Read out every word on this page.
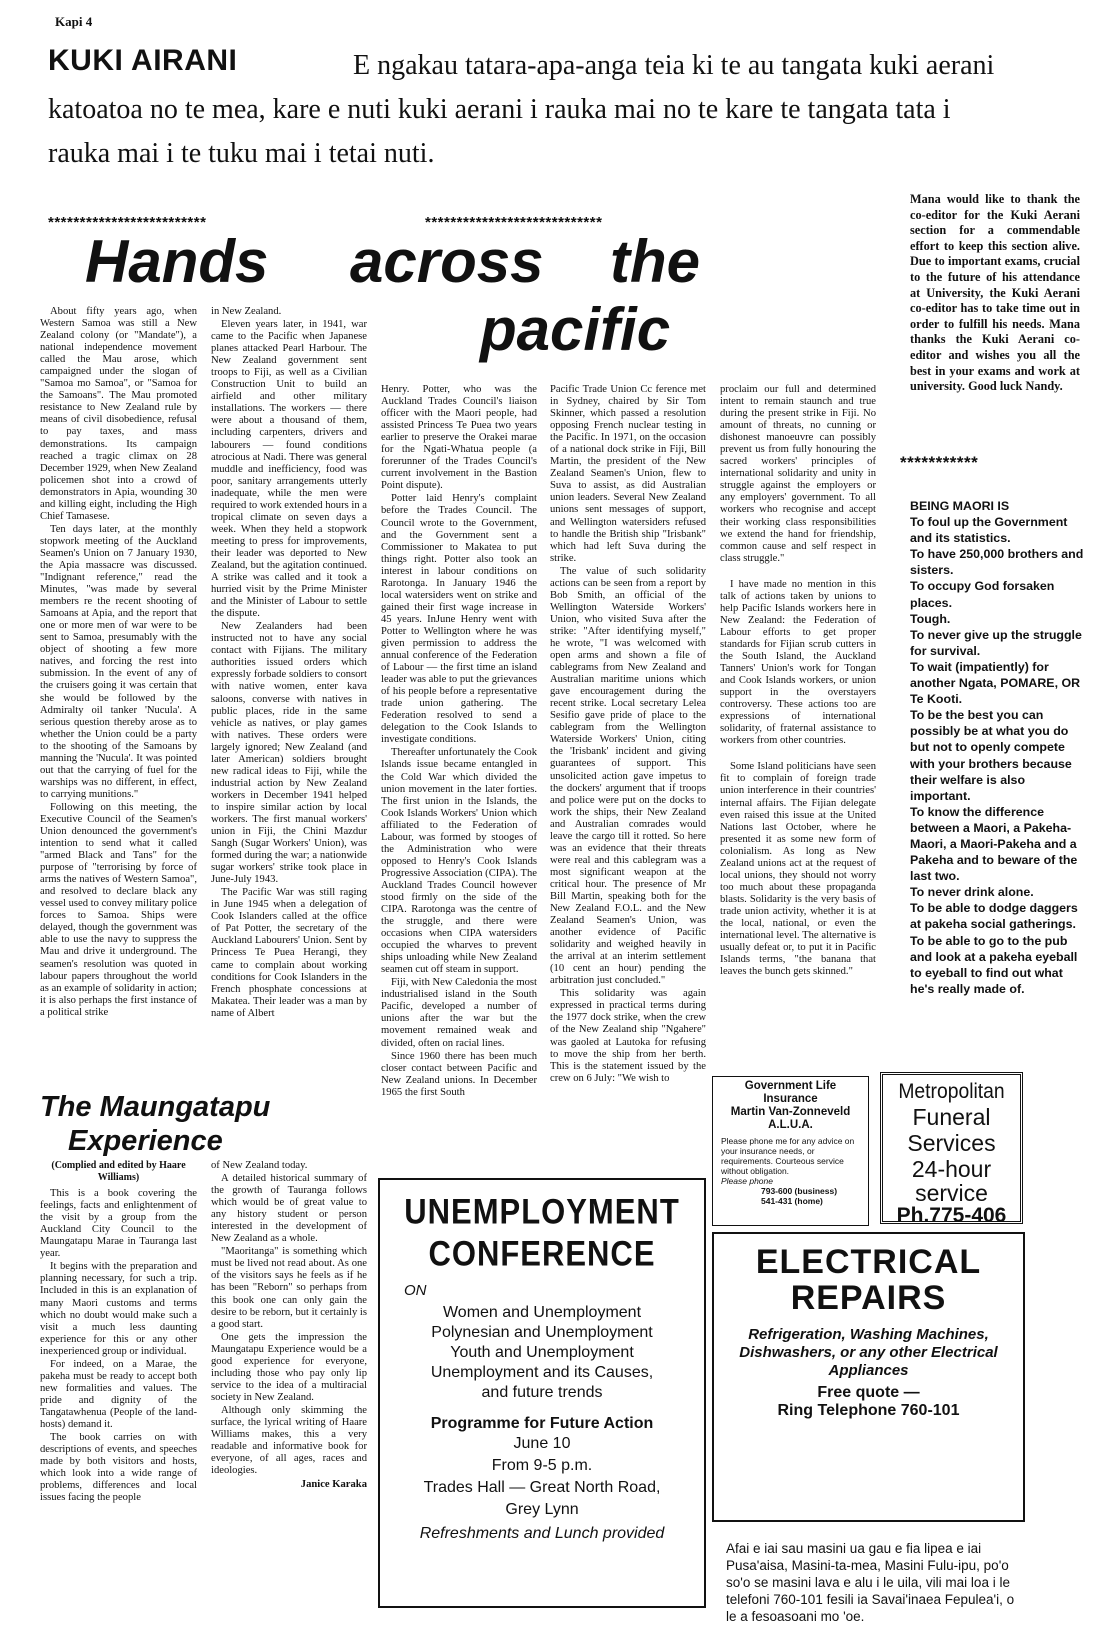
Kapi 4
E ngakau tatara-apa-anga teia ki te au tangata kuki aerani katoatoa no te mea, kare e nuti kuki aerani i rauka mai no te kare te tangata tata i rauka mai i te tuku mai i tetai nuti.
KUKI AIRANI
*************************	****************************
Hands across the
pacific

About fifty years ago, when Western Samoa was still a New Zealand colony (or "Mandate"), a national independence movement called the Mau arose, which campaigned under the slogan of "Samoa mo Samoa", or "Samoa for the Samoans". The Mau promoted resistance to New Zealand rule by means of civil disobedience, refusal to pay taxes, and mass demonstrations. Its campaign reached a tragic climax on 28 December 1929, when New Zealand policemen shot into a crowd of demonstrators in Apia, wounding 30 and killing eight, including the High Chief Tamasese.

Ten days later, at the monthly stopwork meeting of the Auckland Seamen's Union on 7 January 1930, the Apia massacre was discussed. "Indignant reference," read the Minutes, "was made by several members re the recent shooting of Samoans at Apia, and the report that one or more men of war were to be sent to Samoa, presumably with the object of shooting a few more natives, and forcing the rest into submission. In the event of any of the cruisers going it was certain that she would be followed by the Admiralty oil tanker 'Nucula'. A serious question thereby arose as to whether the Union could be a party to the shooting of the Samoans by manning the 'Nucula'. It was pointed out that the carrying of fuel for the warships was no different, in effect, to carrying munitions."

Following on this meeting, the Executive Council of the Seamen's Union denounced the government's intention to send what it called "armed Black and Tans" for the purpose of "terrorising by force of arms the natives of Western Samoa", and resolved to declare black any vessel used to convey military police forces to Samoa. Ships were delayed, though the government was able to use the navy to suppress the Mau and drive it underground. The seamen's resolution was quoted in labour papers throughout the world as an example of solidarity in action; it is also perhaps the first instance of a political strike

in New Zealand.

Eleven years later, in 1941, war came to the Pacific when Japanese planes attacked Pearl Harbour. The New Zealand government sent troops to Fiji, as well as a Civilian Construction Unit to build an airfield and other military installations. The workers — there were about a thousand of them, including carpenters, drivers and labourers — found conditions atrocious at Nadi. There was general muddle and inefficiency, food was poor, sanitary arrangements utterly inadequate, while the men were required to work extended hours in a tropical climate on seven days a week. When they held a stopwork meeting to press for improvements, their leader was deported to New Zealand, but the agitation continued. A strike was called and it took a hurried visit by the Prime Minister and the Minister of Labour to settle the dispute.

New Zealanders had been instructed not to have any social contact with Fijians. The military authorities issued orders which expressly forbade soldiers to consort with native women, enter kava saloons, converse with natives in public places, ride in the same vehicle as natives, or play games with natives. These orders were largely ignored; New Zealand (and later American) soldiers brought new radical ideas to Fiji, while the industrial action by New Zealand workers in December 1941 helped to inspire similar action by local workers. The first manual workers' union in Fiji, the Chini Mazdur Sangh (Sugar Workers' Union), was formed during the war; a nationwide sugar workers' strike took place in June-July 1943.

The Pacific War was still raging in June 1945 when a delegation of Cook Islanders called at the office of Pat Potter, the secretary of the Auckland Labourers' Union. Sent by Princess Te Puea Herangi, they came to complain about working conditions for Cook Islanders in the French phosphate concessions at Makatea. Their leader was a man by name of Albert

Henry. Potter, who was the Auckland Trades Council's liaison officer with the Maori people, had assisted Princess Te Puea two years earlier to preserve the Orakei marae for the Ngati-Whatua people (a forerunner of the Trades Council's current involvement in the Bastion Point dispute).

Potter laid Henry's complaint before the Trades Council. The Council wrote to the Government, and the Government sent a Commissioner to Makatea to put things right. Potter also took an interest in labour conditions on Rarotonga. In January 1946 the local watersiders went on strike and gained their first wage increase in 45 years. InJune Henry went with Potter to Wellington where he was given permission to address the annual conference of the Federation of Labour — the first time an island leader was able to put the grievances of his people before a representative trade union gathering. The Federation resolved to send a delegation to the Cook Islands to investigate conditions.

Thereafter unfortunately the Cook Islands issue became entangled in the Cold War which divided the union movement in the later forties. The first union in the Islands, the Cook Islands Workers' Union which affiliated to the Federation of Labour, was formed by stooges of the Administration who were opposed to Henry's Cook Islands Progressive Association (CIPA). The Auckland Trades Council however stood firmly on the side of the CIPA. Rarotonga was the centre of the struggle, and there were occasions when CIPA watersiders occupied the wharves to prevent ships unloading while New Zealand seamen cut off steam in support.

Fiji, with New Caledonia the most industrialised island in the South Pacific, developed a number of unions after the war but the movement remained weak and divided, often on racial lines.

Since 1960 there has been much closer contact between Pacific and New Zealand unions. In December 1965 the first South

Pacific Trade Union Cc ference met in Sydney, chaired by Sir Tom Skinner, which passed a resolution opposing French nuclear testing in the Pacific. In 1971, on the occasion of a national dock strike in Fiji, Bill Martin, the president of the New Zealand Seamen's Union, flew to Suva to assist, as did Australian union leaders. Several New Zealand unions sent messages of support, and Wellington watersiders refused to handle the British ship "Irisbank" which had left Suva during the strike.

The value of such solidarity actions can be seen from a report by Bob Smith, an official of the Wellington Waterside Workers' Union, who visited Suva after the strike: "After identifying myself," he wrote, "I was welcomed with open arms and shown a file of cablegrams from New Zealand and Australian maritime unions which gave encouragement during the recent strike. Local secretary Lelea Sesifio gave pride of place to the cablegram from the Wellington Waterside Workers' Union, citing the 'Irisbank' incident and giving guarantees of support. This unsolicited action gave impetus to the dockers' argument that if troops and police were put on the docks to work the ships, their New Zealand and Australian comrades would leave the cargo till it rotted. So here was an evidence that their threats were real and this cablegram was a most significant weapon at the critical hour. The presence of Mr Bill Martin, speaking both for the New Zealand F.O.L. and the New Zealand Seamen's Union, was another evidence of Pacific solidarity and weighed heavily in the arrival at an interim settlement (10 cent an hour) pending the arbitration just concluded."

This solidarity was again expressed in practical terms during the 1977 dock strike, when the crew of the New Zealand ship "Ngahere" was gaoled at Lautoka for refusing to move the ship from her berth. This is the statement issued by the crew on 6 July: "We wish to

proclaim our full and determined intent to remain staunch and true during the present strike in Fiji. No amount of threats, no cunning or dishonest manoeuvre can possibly prevent us from fully honouring the sacred workers' principles of international solidarity and unity in struggle against the employers or any employers' government. To all workers who recognise and accept their working class responsibilities we extend the hand for friendship, common cause and self respect in class struggle."

I have made no mention in this talk of actions taken by unions to help Pacific Islands workers here in New Zealand: the Federation of Labour efforts to get proper standards for Fijian scrub cutters in the South Island, the Auckland Tanners' Union's work for Tongan and Cook Islands workers, or union support in the overstayers controversy. These actions too are expressions of international solidarity, of fraternal assistance to workers from other countries.

Some Island politicians have seen fit to complain of foreign trade union interference in their countries' internal affairs. The Fijian delegate even raised this issue at the United Nations last October, where he presented it as some new form of colonialism. As long as New Zealand unions act at the request of local unions, they should not worry too much about these propaganda blasts. Solidarity is the very basis of trade union activity, whether it is at the local, national, or even the international level. The alternative is usually defeat or, to put it in Pacific Islands terms, "the banana that leaves the bunch gets skinned."

Mana would like to thank the co-editor for the Kuki Aerani section for a commendable effort to keep this section alive. Due to important exams, crucial to the future of his attendance at University, the Kuki Aerani co-editor has to take time out in order to fulfill his needs. Mana thanks the Kuki Aerani co-editor and wishes you all the best in your exams and work at university. Good luck Nandy.
***********
BEING MAORI IS
To foul up the Government and its statistics.
To have 250,000 brothers and sisters.
To occupy God forsaken places.
Tough.
To never give up the struggle for survival.
To wait (impatiently) for another Ngata, POMARE, OR Te Kooti.
To be the best you can possibly be at what you do but not to openly compete with your brothers because their welfare is also important.
To know the difference between a Maori, a Pakeha-Maori, a Maori-Pakeha and a Pakeha and to beware of the last two.
To never drink alone.
To be able to dodge daggers at pakeha social gatherings.
To be able to go to the pub and look at a pakeha eyeball to eyeball to find out what he's really made of.
The Maungatapu
Experience

(Complied and edited by Haare Williams)

This is a book covering the feelings, facts and enlightenment of the visit by a group from the Auckland City Council to the Maungatapu Marae in Tauranga last year.

It begins with the preparation and planning necessary, for such a trip. Included in this is an explanation of many Maori customs and terms which no doubt would make such a visit a much less daunting experience for this or any other inexperienced group or individual.

For indeed, on a Marae, the pakeha must be ready to accept both new formalities and values. The pride and dignity of the Tangatawhenua (People of the land-hosts) demand it.

The book carries on with descriptions of events, and speeches made by both visitors and hosts, which look into a wide range of problems, differences and local issues facing the people

of New Zealand today.

A detailed historical summary of the growth of Tauranga follows which would be of great value to any history student or person interested in the development of New Zealand as a whole.

"Maoritanga" is something which must be lived not read about. As one of the visitors says he feels as if he has been "Reborn" so perhaps from this book one can only gain the desire to be reborn, but it certainly is a good start.

One gets the impression the Maungatapu Experience would be a good experience for everyone, including those who pay only lip service to the idea of a multiracial society in New Zealand.

Although only skimming the surface, the lyrical writing of Haare Williams makes, this a very readable and informative book for everyone, of all ages, races and ideologies.

Janice Karaka

UNEMPLOYMENT
CONFERENCE
ON
Women and Unemployment
Polynesian and Unemployment
Youth and Unemployment
Unemployment and its Causes, and future trends
Programme for Future Action
June 10
From 9-5 p.m.
Trades Hall — Great North Road, Grey Lynn
Refreshments and Lunch provided
Government Life
Insurance
Martin Van-Zonneveld
A.L.U.A.
Please phone me for any advice on your insurance needs, or requirements. Courteous service without obligation.
Please phone
793-600 (business)
541-431 (home)
Metropolitan
Funeral
Services
24-hour
service
Ph.775-406
ELECTRICAL
REPAIRS
Refrigeration, Washing Machines, Dishwashers, or any other Electrical Appliances
Free quote —
Ring Telephone 760-101
Afai e iai sau masini ua gau e fia lipea e iai Pusa'aisa, Masini-ta-mea, Masini Fulu-ipu, po'o so'o se masini lava e alu i le uila, vili mai loa i le telefoni 760-101 fesili ia Savai'inaea Fepulea'i, o le a fesoasoani mo 'oe.
